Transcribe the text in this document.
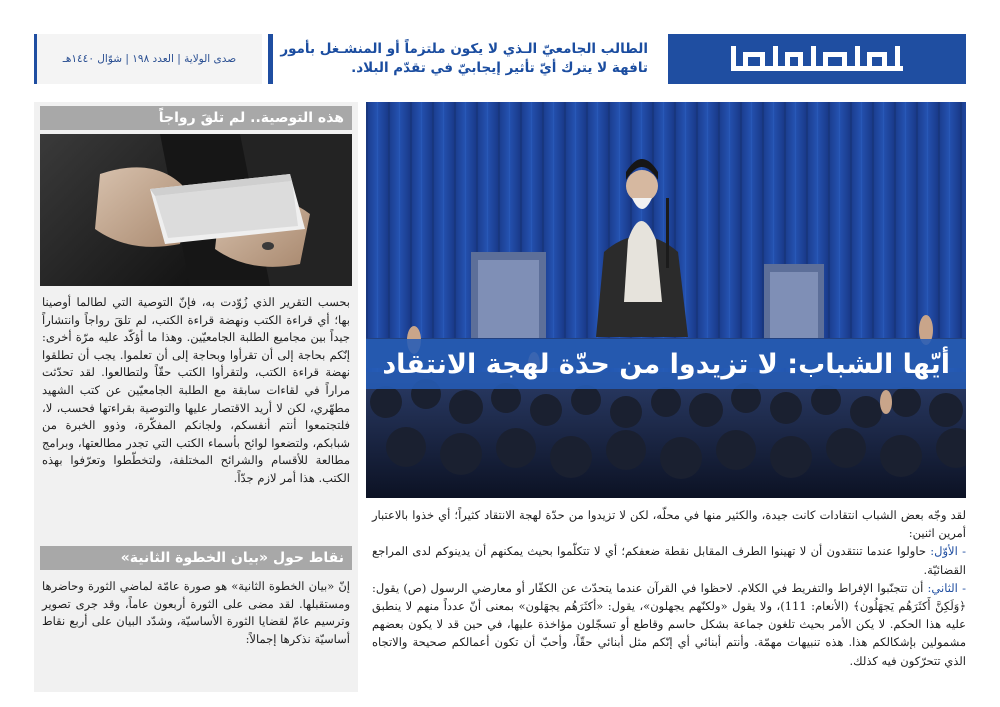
صدى الولاية | العدد ١٩٨ | شوّال ١٤٤٠هـ

الطالب الجامعيّ الـذي لا يكون ملتزماً أو المنشـغل بأمور تافهة لا يترك أيّ تأثير إيجابيّ في تقدّم البلاد.

هذه التوصية.. لم تلقَ رواجاً
بحسب التقرير الذي زُوّدت به، فإنّ التوصية التي لطالما أوصينا بها؛ أي قراءة الكتب ونهضة قراءة الكتب، لم تلقَ رواجاً وانتشاراً جيداً بين مجاميع الطلبة الجامعيّين. وهذا ما أؤكّد عليه مرّة أخرى: إنّكم بحاجة إلى أن تقرأوا وبحاجة إلى أن تعلموا. يجب أن تطلقوا نهضة قراءة الكتب، ولتقرأوا الكتب حقّاً ولتطالعوا. لقد تحدّثت مراراً في لقاءات سابقة مع الطلبة الجامعيّين عن كتب الشهيد مطهّري، لكن لا أريد الاقتصار عليها والتوصية بقراءتها فحسب، لا، فلتجتمعوا أنتم أنفسكم، ولجانكم المفكّرة، وذوو الخبرة من شبابكم، ولتضعوا لوائح بأسماء الكتب التي تجدر مطالعتها، وبرامج مطالعة للأقسام والشرائح المختلفة، ولتخطّطوا وتعرّفوا بهذه الكتب. هذا أمر لازم جدّاً.
نقاط حول «بيان الخطوة الثانية»
إنّ «بيان الخطوة الثانية» هو صورة عامّة لماضي الثورة وحاضرها ومستقبلها. لقد مضى على الثورة أربعون عاماً، وقد جرى تصوير وترسيم عامّ لقضايا الثورة الأساسيّة، وشدّد البيان على أربع نقاط أساسيّة نذكرها إجمالاً:
أيّها الشباب: لا تزيدوا من حدّة لهجة الانتقاد

لقد وجّه بعض الشباب انتقادات كانت جيدة، والكثير منها في محلّه، لكن لا تزيدوا من حدّة لهجة الانتقاد كثيراً؛ أي خذوا بالاعتبار أمرين اثنين:

- الأوّل: حاولوا عندما تنتقدون أن لا تهينوا الطرف المقابل نقطة ضعفكم؛ أي لا تتكلّموا بحيث يمكنهم أن يدينوكم لدى المراجع القضائيّة.

- الثاني: أن تتجنّبوا الإفراط والتفريط في الكلام. لاحظوا في القرآن عندما يتحدّث عن الكفّار أو معارضي الرسول (ص) يقول: ﴿وَلَكِنَّ أَكثَرَهُم يَجهَلُون﴾ (الأنعام: 111)، ولا يقول «ولكنّهم يجهلون»، يقول: «أكثَرَهُم يجهَلون» بمعنى أنّ عدداً منهم لا ينطبق عليه هذا الحكم. لا يكن الأمر بحيث تلغون جماعة بشكل حاسم وقاطع أو تسجّلون مؤاخذة عليها، في حين قد لا يكون بعضهم مشمولين بإشكالكم هذا. هذه تنبيهات مهمّة. وأنتم أبنائي أي إنّكم مثل أبنائي حقّاً، وأحبّ أن تكون أعمالكم صحيحة والاتجاه الذي تتحرّكون فيه كذلك.
